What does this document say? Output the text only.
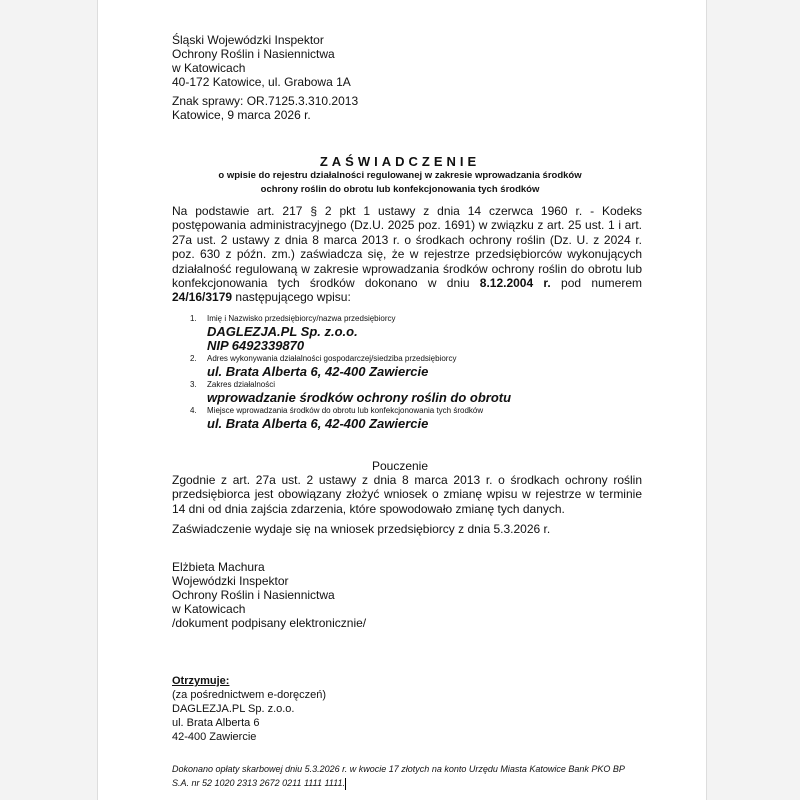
Śląski Wojewódzki Inspektor
Ochrony Roślin i Nasiennictwa
w Katowicach
40-172 Katowice, ul. Grabowa 1A
Znak sprawy: OR.7125.3.310.2013
Katowice, 9 marca 2026 r.
ZAŚWIADCZENIE
o wpisie do rejestru działalności regulowanej w zakresie wprowadzania środków
ochrony roślin do obrotu lub konfekcjonowania tych środków
Na podstawie art. 217 § 2 pkt 1 ustawy z dnia 14 czerwca 1960 r. - Kodeks postępowania administracyjnego (Dz.U. 2025 poz. 1691) w związku z art. 25 ust. 1 i art. 27a ust. 2 ustawy z dnia 8 marca 2013 r. o środkach ochrony roślin (Dz. U. z 2024 r. poz. 630 z późn. zm.) zaświadcza się, że w rejestrze przedsiębiorców wykonujących działalność regulowaną w zakresie wprowadzania środków ochrony roślin do obrotu lub konfekcjonowania tych środków dokonano w dniu 8.12.2004 r. pod numerem 24/16/3179 następującego wpisu:
1.	Imię i Nazwisko przedsiębiorcy/nazwa przedsiębiorcy
DAGLEZJA.PL Sp. z.o.o.
NIP 6492339870
2.	Adres wykonywania działalności gospodarczej/siedziba przedsiębiorcy
ul. Brata Alberta 6, 42-400 Zawiercie
3.	Zakres działalności
wprowadzanie środków ochrony roślin do obrotu
4.	Miejsce wprowadzania środków do obrotu lub konfekcjonowania tych środków
ul. Brata Alberta 6, 42-400 Zawiercie
Pouczenie
Zgodnie z art. 27a ust. 2 ustawy z dnia 8 marca 2013 r. o środkach ochrony roślin przedsiębiorca jest obowiązany złożyć wniosek o zmianę wpisu w rejestrze w terminie 14 dni od dnia zajścia zdarzenia, które spowodowało zmianę tych danych.
Zaświadczenie wydaje się na wniosek przedsiębiorcy z dnia 5.3.2026 r.
Elżbieta Machura
Wojewódzki Inspektor
Ochrony Roślin i Nasiennictwa
w Katowicach
/dokument podpisany elektronicznie/
Otrzymuje:
(za pośrednictwem e-doręczeń)
DAGLEZJA.PL Sp. z.o.o.
ul. Brata Alberta 6
42-400 Zawiercie
Dokonano opłaty skarbowej dniu 5.3.2026 r. w kwocie 17 złotych na konto Urzędu Miasta Katowice Bank PKO BP
S.A. nr 52 1020 2313 2672 0211 1111 1111.
